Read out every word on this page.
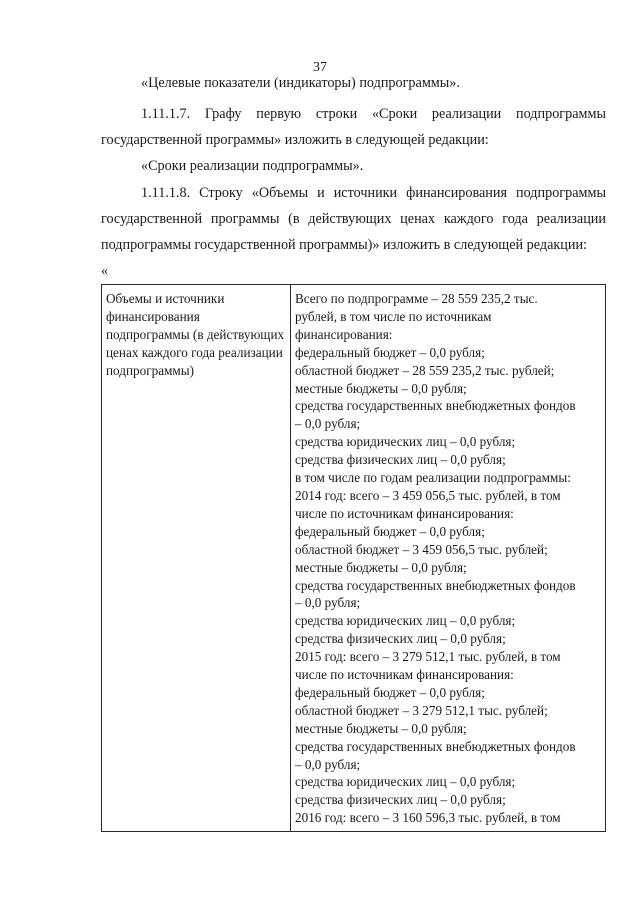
37

«Целевые показатели (индикаторы) подпрограммы».

1.11.1.7. Графу первую строки «Сроки реализации подпрограммы государственной программы» изложить в следующей редакции:

«Сроки реализации подпрограммы».

1.11.1.8. Строку «Объемы и источники финансирования подпрограммы государственной программы (в действующих ценах каждого года реализации подпрограммы государственной программы)» изложить в следующей редакции:

«

Объемы и источники финансирования подпрограммы (в действующих ценах каждого года реализации подпрограммы)	
Всего по подпрограмме – 28 559 235,2 тыс.
рублей, в том числе по источникам
финансирования:
федеральный бюджет – 0,0 рубля;
областной бюджет – 28 559 235,2 тыс. рублей;
местные бюджеты – 0,0 рубля;
средства государственных внебюджетных фондов
– 0,0 рубля;
средства юридических лиц – 0,0 рубля;
средства физических лиц – 0,0 рубля;
в том числе по годам реализации подпрограммы:
2014 год: всего – 3 459 056,5 тыс. рублей, в том
числе по источникам финансирования:
федеральный бюджет – 0,0 рубля;
областной бюджет – 3 459 056,5 тыс. рублей;
местные бюджеты – 0,0 рубля;
средства государственных внебюджетных фондов
– 0,0 рубля;
средства юридических лиц – 0,0 рубля;
средства физических лиц – 0,0 рубля;
2015 год: всего – 3 279 512,1 тыс. рублей, в том
числе по источникам финансирования:
федеральный бюджет – 0,0 рубля;
областной бюджет – 3 279 512,1 тыс. рублей;
местные бюджеты – 0,0 рубля;
средства государственных внебюджетных фондов
– 0,0 рубля;
средства юридических лиц – 0,0 рубля;
средства физических лиц – 0,0 рубля;
2016 год: всего – 3 160 596,3 тыс. рублей, в том
